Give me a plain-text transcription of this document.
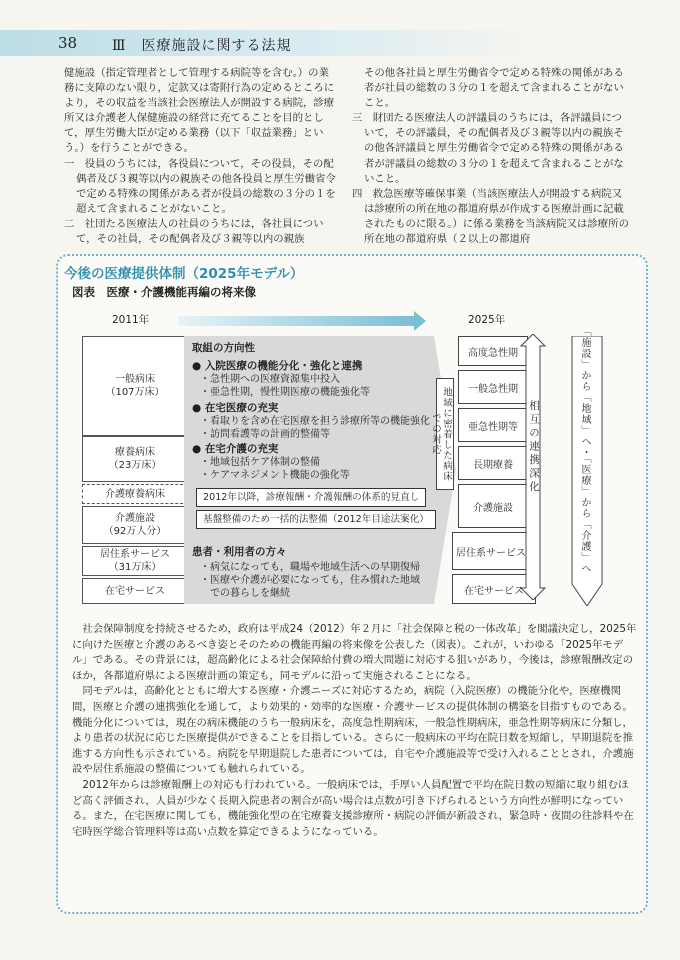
38 Ⅲ　医療施設に関する法規

健施設（指定管理者として管理する病院等を含む。）の業務に支障のない限り，定款又は寄附行為の定めるところにより，その収益を当該社会医療法人が開設する病院，診療所又は介護老人保健施設の経営に充てることを目的として，厚生労働大臣が定める業務（以下「収益業務」という。）を行うことができる。

一　役員のうちには，各役員について，その役員，その配偶者及び３親等以内の親族その他各役員と厚生労働省令で定める特殊の関係がある者が役員の総数の３分の１を超えて含まれることがないこと。

二　社団たる医療法人の社員のうちには，各社員について，その社員，その配偶者及び３親等以内の親族

その他各社員と厚生労働省令で定める特殊の関係がある者が社員の総数の３分の１を超えて含まれることがないこと。

三　財団たる医療法人の評議員のうちには，各評議員について，その評議員，その配偶者及び３親等以内の親族その他各評議員と厚生労働省令で定める特殊の関係がある者が評議員の総数の３分の１を超えて含まれることがないこと。

四　救急医療等確保事業（当該医療法人が開設する病院又は診療所の所在地の都道府県が作成する医療計画に記載されたものに限る。）に係る業務を当該病院又は診療所の所在地の都道府県（２以上の都道府

今後の医療提供体制（2025年モデル）
図表　医療・介護機能再編の将来像
2011年	2025年
一般病床
（107万床）
療養病床
（23万床）
介護療養病床
介護施設
（92万人分）
居住系サービス
（31万床）
在宅サービス
取組の方向性
● 入院医療の機能分化・強化と連携
・急性期への医療資源集中投入
・亜急性期，慢性期医療の機能強化等
● 在宅医療の充実
・看取りを含め在宅医療を担う診療所等の機能強化
・訪問看護等の計画的整備等
● 在宅介護の充実
・地域包括ケア体制の整備
・ケアマネジメント機能の強化等
2012年以降，診療報酬・介護報酬の体系的見直し
基盤整備のため一括的法整備（2012年目途法案化）
患者・利用者の方々
・病気になっても，職場や地域生活への早期復帰
・医療や介護が必要になっても，住み慣れた地域
　での暮らしを継続
地域に密着した病床での対応
高度急性期
一般急性期
亜急性期等
長期療養
介護施設
居住系サービス
在宅サービス
相互の連携深化	「施設」から「地域」へ・「医療」から「介護」へ

社会保障制度を持続させるため，政府は平成24（2012）年２月に「社会保障と税の一体改革」を閣議決定し，2025年に向けた医療と介護のあるべき姿とそのための機能再編の将来像を公表した（図表）。これが，いわゆる「2025年モデル」である。その背景には，超高齢化による社会保障給付費の増大問題に対応する狙いがあり，今後は，診療報酬改定のほか，各都道府県による医療計画の策定も，同モデルに沿って実施されることになる。

同モデルは，高齢化とともに増大する医療・介護ニーズに対応するため，病院（入院医療）の機能分化や，医療機関間，医療と介護の連携強化を通して，より効果的・効率的な医療・介護サービスの提供体制の構築を目指すものである。機能分化については，現在の病床機能のうち一般病床を，高度急性期病床，一般急性期病床，亜急性期等病床に分類し，より患者の状況に応じた医療提供ができることを目指している。さらに一般病床の平均在院日数を短縮し，早期退院を推進する方向性も示されている。病院を早期退院した患者については，自宅や介護施設等で受け入れることとされ，介護施設や居住系施設の整備についても触れられている。

2012年からは診療報酬上の対応も行われている。一般病床では，手厚い人員配置で平均在院日数の短縮に取り組むほど高く評価され，人員が少なく長期入院患者の割合が高い場合は点数が引き下げられるという方向性が鮮明になっている。また，在宅医療に関しても，機能強化型の在宅療養支援診療所・病院の評価が新設され，緊急時・夜間の往診料や在宅時医学総合管理料等は高い点数を算定できるようになっている。
